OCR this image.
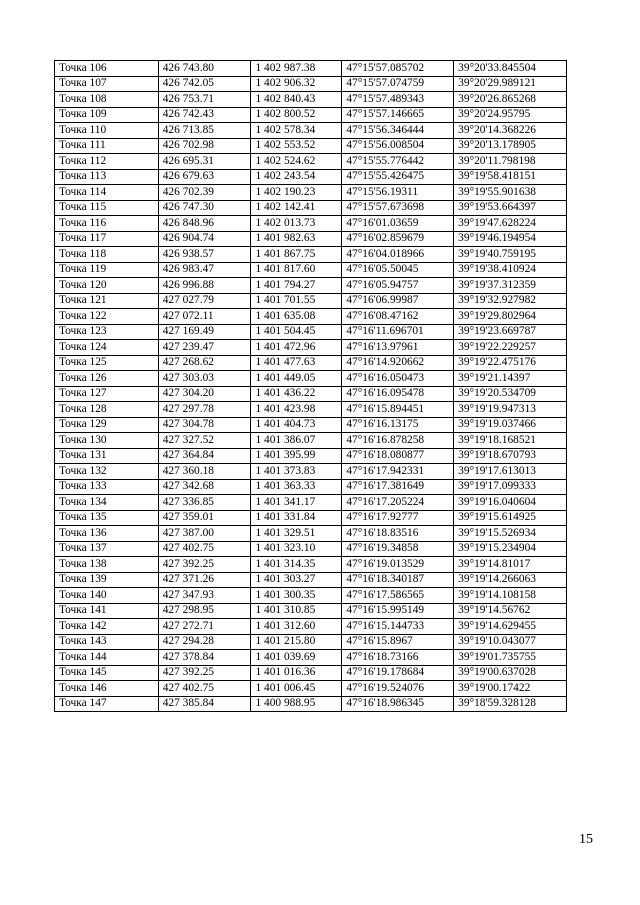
Точка 106	426 743.80	1 402 987.38	47°15'57.085702	39°20'33.845504
Точка 107	426 742.05	1 402 906.32	47°15'57.074759	39°20'29.989121
Точка 108	426 753.71	1 402 840.43	47°15'57.489343	39°20'26.865268
Точка 109	426 742.43	1 402 800.52	47°15'57.146665	39°20'24.95795
Точка 110	426 713.85	1 402 578.34	47°15'56.346444	39°20'14.368226
Точка 111	426 702.98	1 402 553.52	47°15'56.008504	39°20'13.178905
Точка 112	426 695.31	1 402 524.62	47°15'55.776442	39°20'11.798198
Точка 113	426 679.63	1 402 243.54	47°15'55.426475	39°19'58.418151
Точка 114	426 702.39	1 402 190.23	47°15'56.19311	39°19'55.901638
Точка 115	426 747.30	1 402 142.41	47°15'57.673698	39°19'53.664397
Точка 116	426 848.96	1 402 013.73	47°16'01.03659	39°19'47.628224
Точка 117	426 904.74	1 401 982.63	47°16'02.859679	39°19'46.194954
Точка 118	426 938.57	1 401 867.75	47°16'04.018966	39°19'40.759195
Точка 119	426 983.47	1 401 817.60	47°16'05.50045	39°19'38.410924
Точка 120	426 996.88	1 401 794.27	47°16'05.94757	39°19'37.312359
Точка 121	427 027.79	1 401 701.55	47°16'06.99987	39°19'32.927982
Точка 122	427 072.11	1 401 635.08	47°16'08.47162	39°19'29.802964
Точка 123	427 169.49	1 401 504.45	47°16'11.696701	39°19'23.669787
Точка 124	427 239.47	1 401 472.96	47°16'13.97961	39°19'22.229257
Точка 125	427 268.62	1 401 477.63	47°16'14.920662	39°19'22.475176
Точка 126	427 303.03	1 401 449.05	47°16'16.050473	39°19'21.14397
Точка 127	427 304.20	1 401 436.22	47°16'16.095478	39°19'20.534709
Точка 128	427 297.78	1 401 423.98	47°16'15.894451	39°19'19.947313
Точка 129	427 304.78	1 401 404.73	47°16'16.13175	39°19'19.037466
Точка 130	427 327.52	1 401 386.07	47°16'16.878258	39°19'18.168521
Точка 131	427 364.84	1 401 395.99	47°16'18.080877	39°19'18.670793
Точка 132	427 360.18	1 401 373.83	47°16'17.942331	39°19'17.613013
Точка 133	427 342.68	1 401 363.33	47°16'17.381649	39°19'17.099333
Точка 134	427 336.85	1 401 341.17	47°16'17.205224	39°19'16.040604
Точка 135	427 359.01	1 401 331.84	47°16'17.92777	39°19'15.614925
Точка 136	427 387.00	1 401 329.51	47°16'18.83516	39°19'15.526934
Точка 137	427 402.75	1 401 323.10	47°16'19.34858	39°19'15.234904
Точка 138	427 392.25	1 401 314.35	47°16'19.013529	39°19'14.81017
Точка 139	427 371.26	1 401 303.27	47°16'18.340187	39°19'14.266063
Точка 140	427 347.93	1 401 300.35	47°16'17.586565	39°19'14.108158
Точка 141	427 298.95	1 401 310.85	47°16'15.995149	39°19'14.56762
Точка 142	427 272.71	1 401 312.60	47°16'15.144733	39°19'14.629455
Точка 143	427 294.28	1 401 215.80	47°16'15.8967	39°19'10.043077
Точка 144	427 378.84	1 401 039.69	47°16'18.73166	39°19'01.735755
Точка 145	427 392.25	1 401 016.36	47°16'19.178684	39°19'00.637028
Точка 146	427 402.75	1 401 006.45	47°16'19.524076	39°19'00.17422
Точка 147	427 385.84	1 400 988.95	47°16'18.986345	39°18'59.328128
15
